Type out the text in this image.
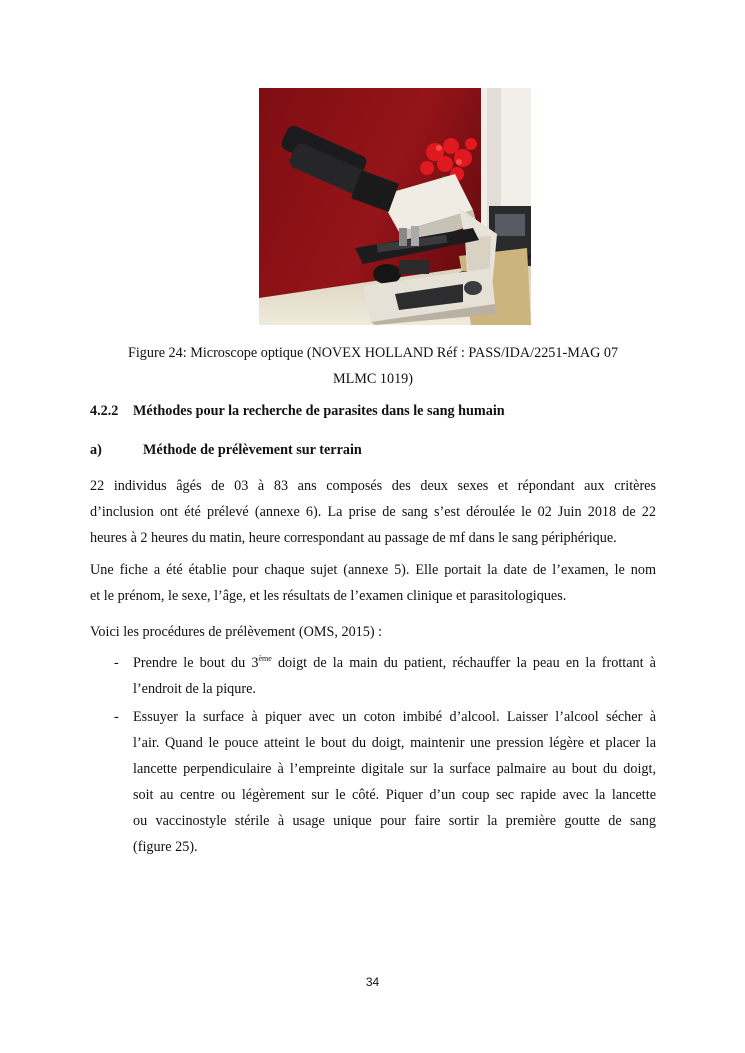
Figure 24: Microscope optique (NOVEX HOLLAND Réf : PASS/IDA/2251-MAG 07
MLMC 1019)
4.2.2 Méthodes pour la recherche de parasites dans le sang humain
a)	Méthode de prélèvement sur terrain
22 individus âgés de 03 à 83 ans composés des deux sexes et répondant aux critères
d’inclusion ont été prélevé (annexe 6). La prise de sang s’est déroulée le 02 Juin 2018 de 22
heures à 2 heures du matin, heure correspondant au passage de mf dans le sang périphérique.
Une fiche a été établie pour chaque sujet (annexe 5). Elle portait la date de l’examen, le nom
et le prénom, le sexe, l’âge, et les résultats de l’examen clinique et parasitologiques.
Voici les procédures de prélèvement (OMS, 2015) :
- Prendre le bout du 3ème doigt de la main du patient, réchauffer la peau en la frottant à
l’endroit de la piqure.
- Essuyer la surface à piquer avec un coton imbibé d’alcool. Laisser l’alcool sécher à
l’air. Quand le pouce atteint le bout du doigt, maintenir une pression légère et placer la
lancette perpendiculaire à l’empreinte digitale sur la surface palmaire au bout du doigt,
soit au centre ou légèrement sur le côté. Piquer d’un coup sec rapide avec la lancette
ou vaccinostyle stérile à usage unique pour faire sortir la première goutte de sang
(figure 25).
34
